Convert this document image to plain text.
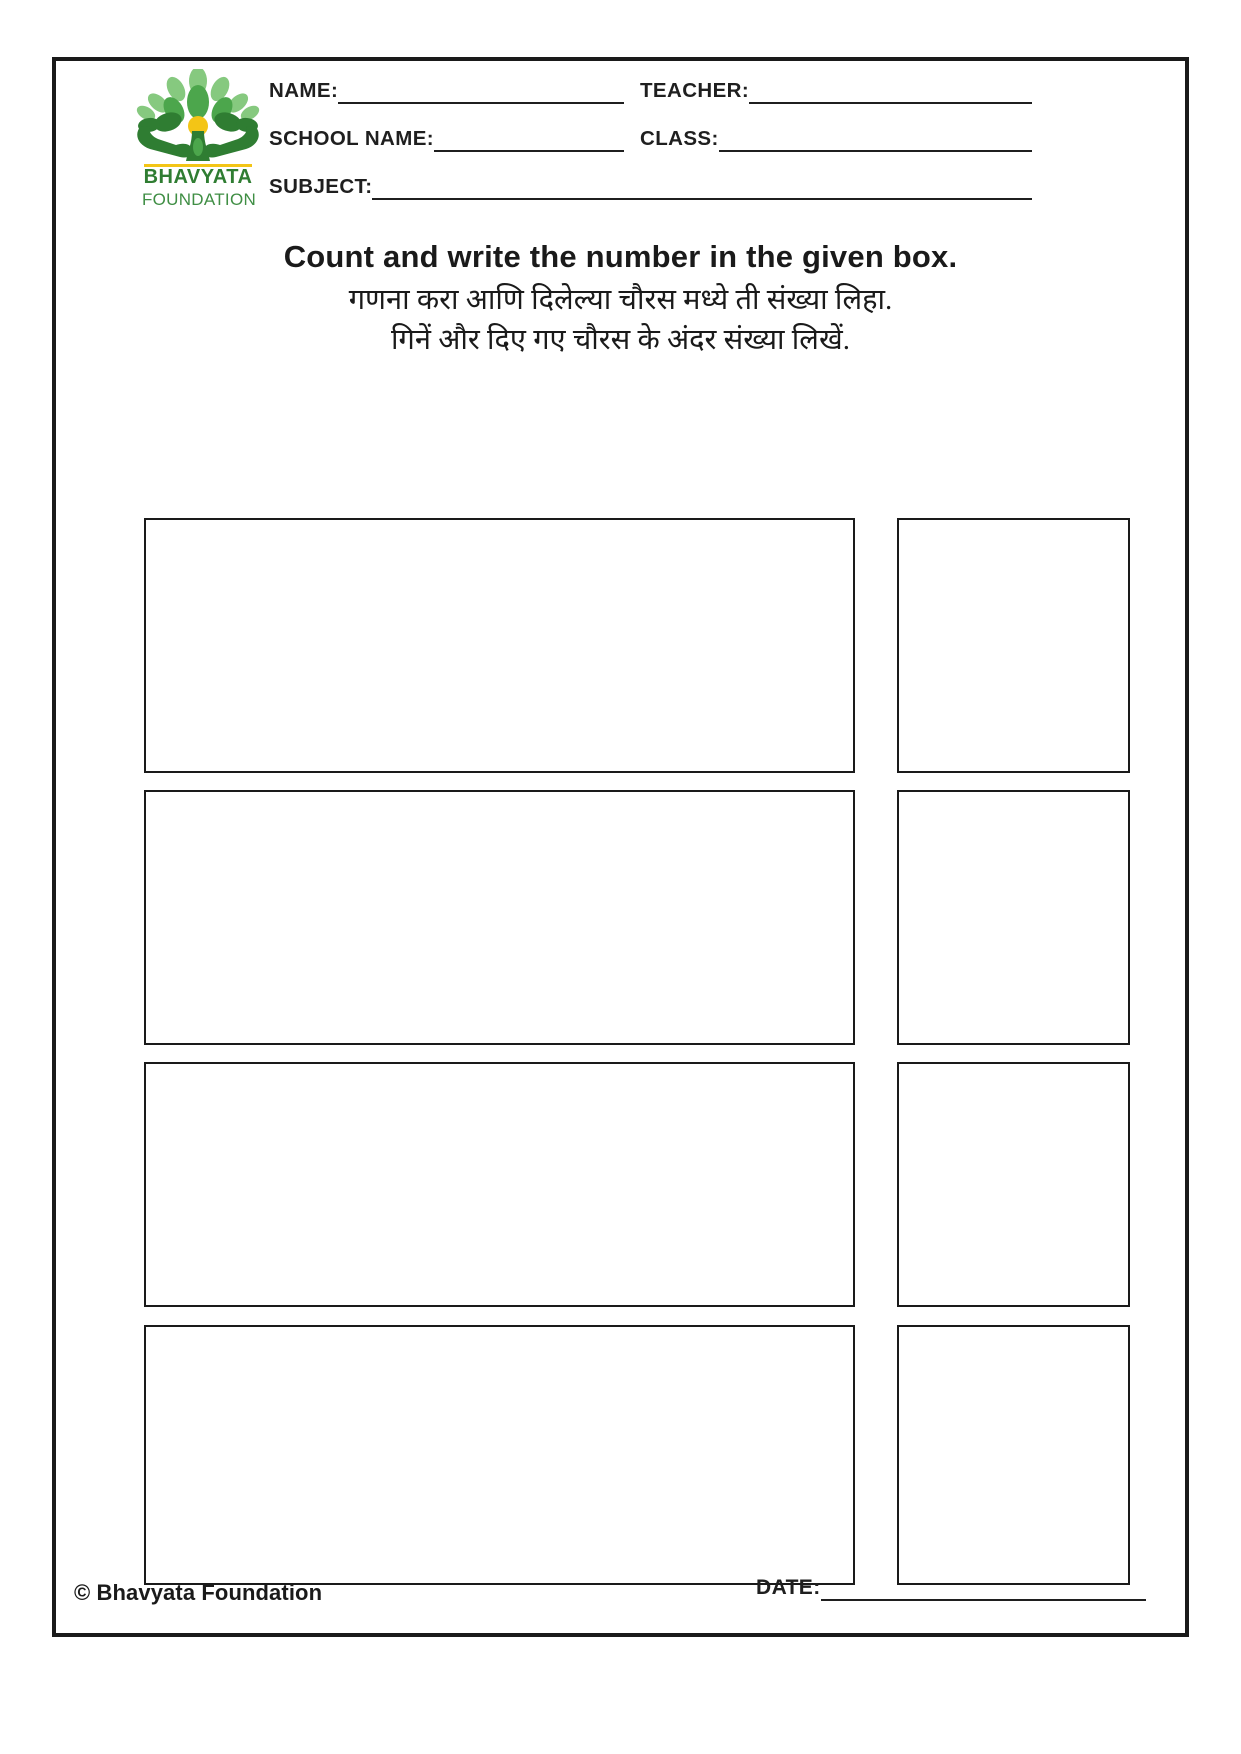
BHAVYATA
FOUNDATION
NAME:	TEACHER:
SCHOOL NAME:	CLASS:
SUBJECT:
Count and write the number in the given box.
गणना करा आणि दिलेल्या चौरस मध्ये ती संख्या लिहा.
गिनें और दिए गए चौरस के अंदर संख्या लिखें.
© Bhavyata Foundation	DATE:
